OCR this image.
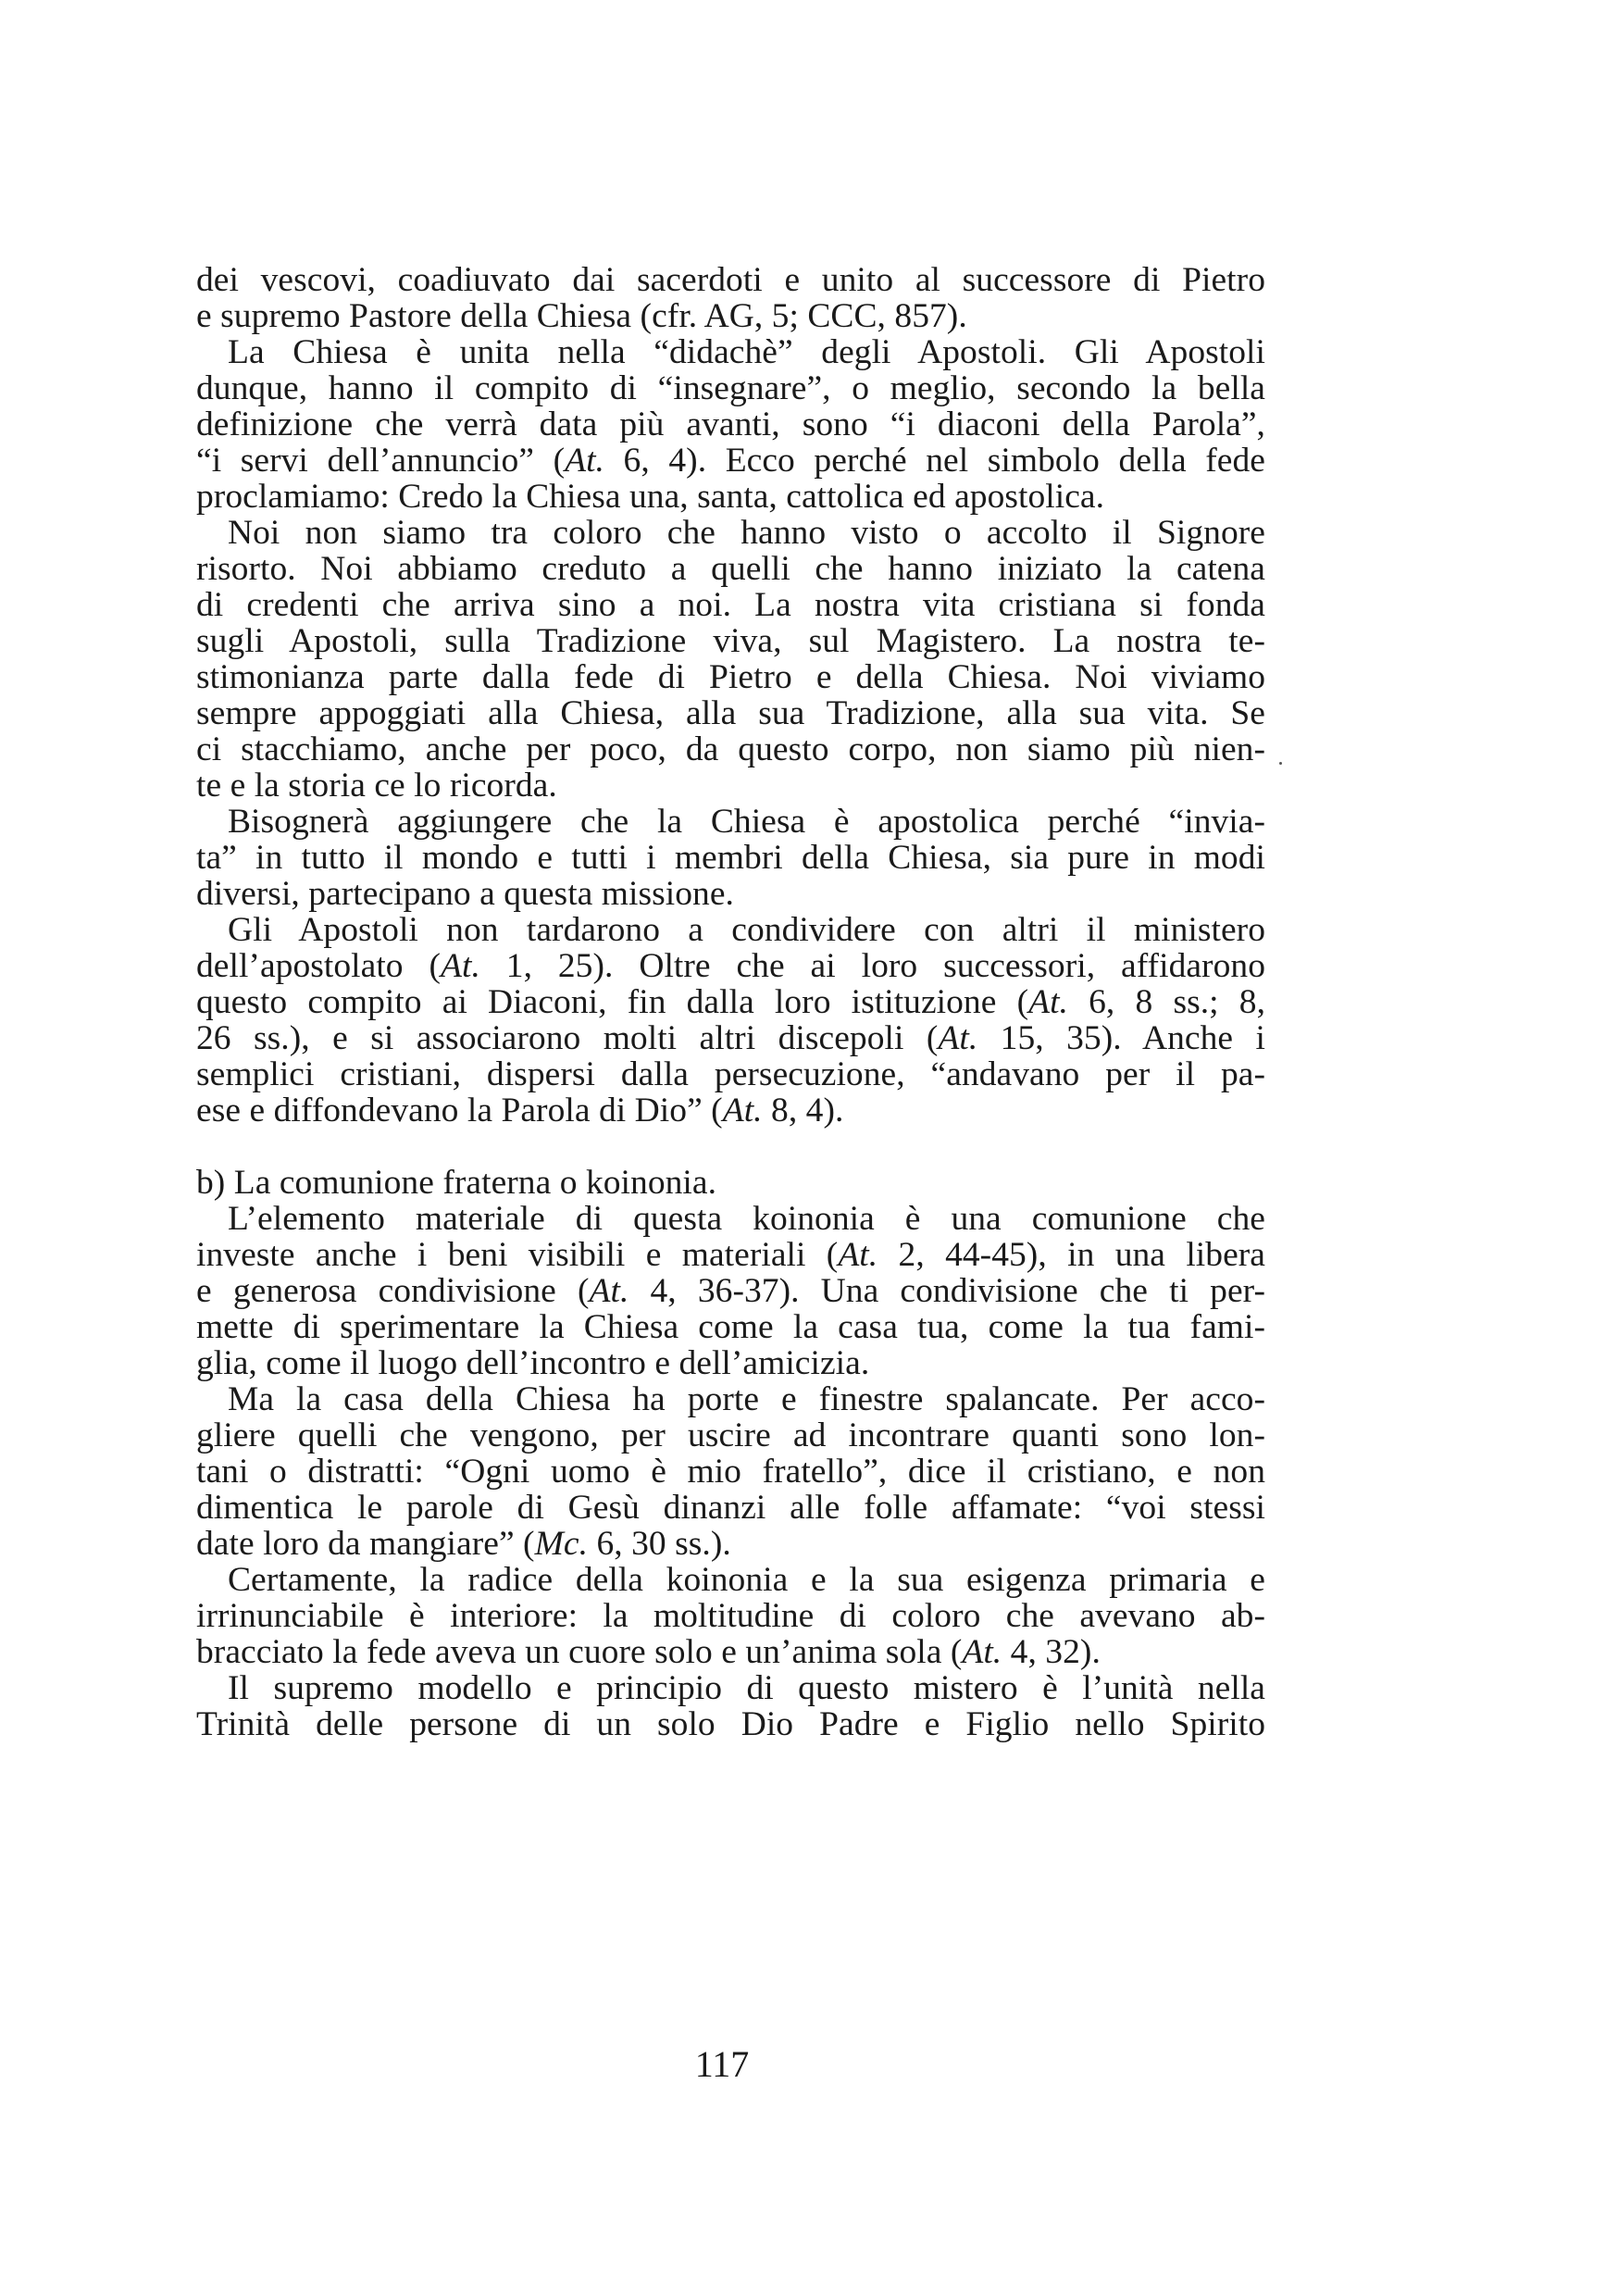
dei vescovi, coadiuvato dai sacerdoti e unito al successore di Pietro
e supremo Pastore della Chiesa (cfr. AG, 5; CCC, 857).

La Chiesa è unita nella “didachè” degli Apostoli. Gli Apostoli
dunque, hanno il compito di “insegnare”, o meglio, secondo la bella
definizione che verrà data più avanti, sono “i diaconi della Parola”,
“i servi dell’annuncio” (At. 6, 4). Ecco perché nel simbolo della fede
proclamiamo: Credo la Chiesa una, santa, cattolica ed apostolica.

Noi non siamo tra coloro che hanno visto o accolto il Signore
risorto. Noi abbiamo creduto a quelli che hanno iniziato la catena
di credenti che arriva sino a noi. La nostra vita cristiana si fonda
sugli Apostoli, sulla Tradizione viva, sul Magistero. La nostra te-
stimonianza parte dalla fede di Pietro e della Chiesa. Noi viviamo
sempre appoggiati alla Chiesa, alla sua Tradizione, alla sua vita. Se
ci stacchiamo, anche per poco, da questo corpo, non siamo più nien-
te e la storia ce lo ricorda.

Bisognerà aggiungere che la Chiesa è apostolica perché “invia-
ta” in tutto il mondo e tutti i membri della Chiesa, sia pure in modi
diversi, partecipano a questa missione.

Gli Apostoli non tardarono a condividere con altri il ministero
dell’apostolato (At. 1, 25). Oltre che ai loro successori, affidarono
questo compito ai Diaconi, fin dalla loro istituzione (At. 6, 8 ss.; 8,
26 ss.), e si associarono molti altri discepoli (At. 15, 35). Anche i
semplici cristiani, dispersi dalla persecuzione, “andavano per il pa-
ese e diffondevano la Parola di Dio” (At. 8, 4).

b) La comunione fraterna o koinonia.

L’elemento materiale di questa koinonia è una comunione che
investe anche i beni visibili e materiali (At. 2, 44-45), in una libera
e generosa condivisione (At. 4, 36-37). Una condivisione che ti per-
mette di sperimentare la Chiesa come la casa tua, come la tua fami-
glia, come il luogo dell’incontro e dell’amicizia.

Ma la casa della Chiesa ha porte e finestre spalancate. Per acco-
gliere quelli che vengono, per uscire ad incontrare quanti sono lon-
tani o distratti: “Ogni uomo è mio fratello”, dice il cristiano, e non
dimentica le parole di Gesù dinanzi alle folle affamate: “voi stessi
date loro da mangiare” (Mc. 6, 30 ss.).

Certamente, la radice della koinonia e la sua esigenza primaria e
irrinunciabile è interiore: la moltitudine di coloro che avevano ab-
bracciato la fede aveva un cuore solo e un’anima sola (At. 4, 32).

Il supremo modello e principio di questo mistero è l’unità nella
Trinità delle persone di un solo Dio Padre e Figlio nello Spirito

117
